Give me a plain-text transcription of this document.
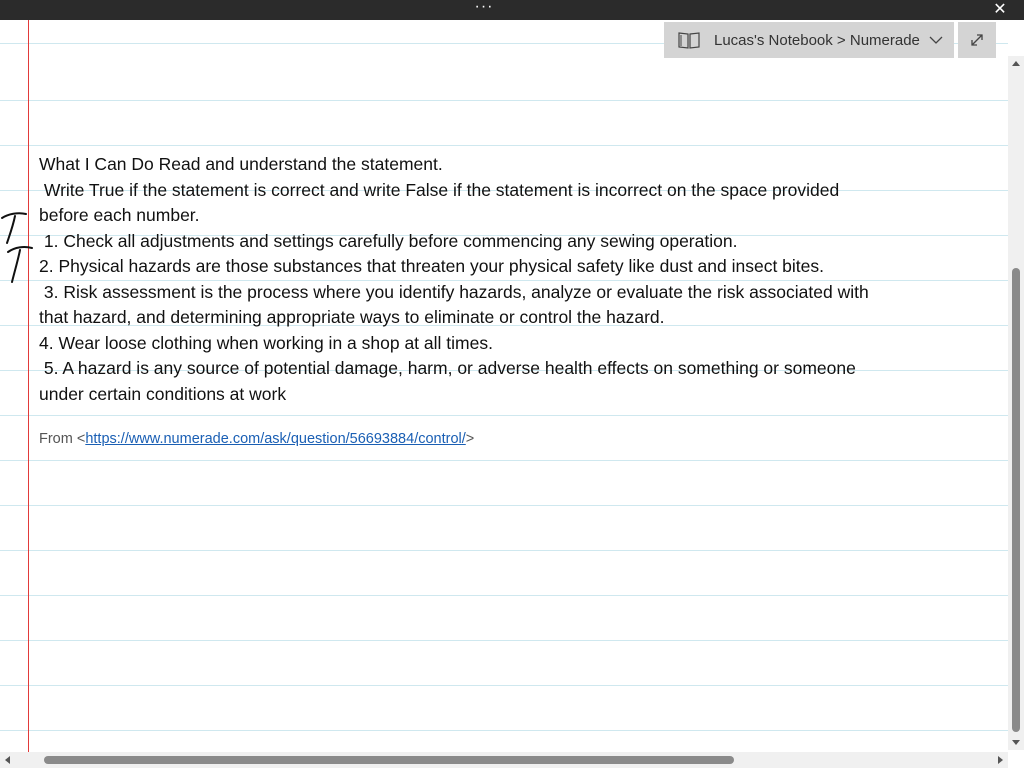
···	✕
Lucas's Notebook > Numerade
What I Can Do Read and understand the statement.
Write True if the statement is correct and write False if the statement is incorrect on the space provided
before each number.
1. Check all adjustments and settings carefully before commencing any sewing operation.
2. Physical hazards are those substances that threaten your physical safety like dust and insect bites.
3. Risk assessment is the process where you identify hazards, analyze or evaluate the risk associated with
that hazard, and determining appropriate ways to eliminate or control the hazard.
4. Wear loose clothing when working in a shop at all times.
5. A hazard is any source of potential damage, harm, or adverse health effects on something or someone
under certain conditions at work
From <https://www.numerade.com/ask/question/56693884/control/>
